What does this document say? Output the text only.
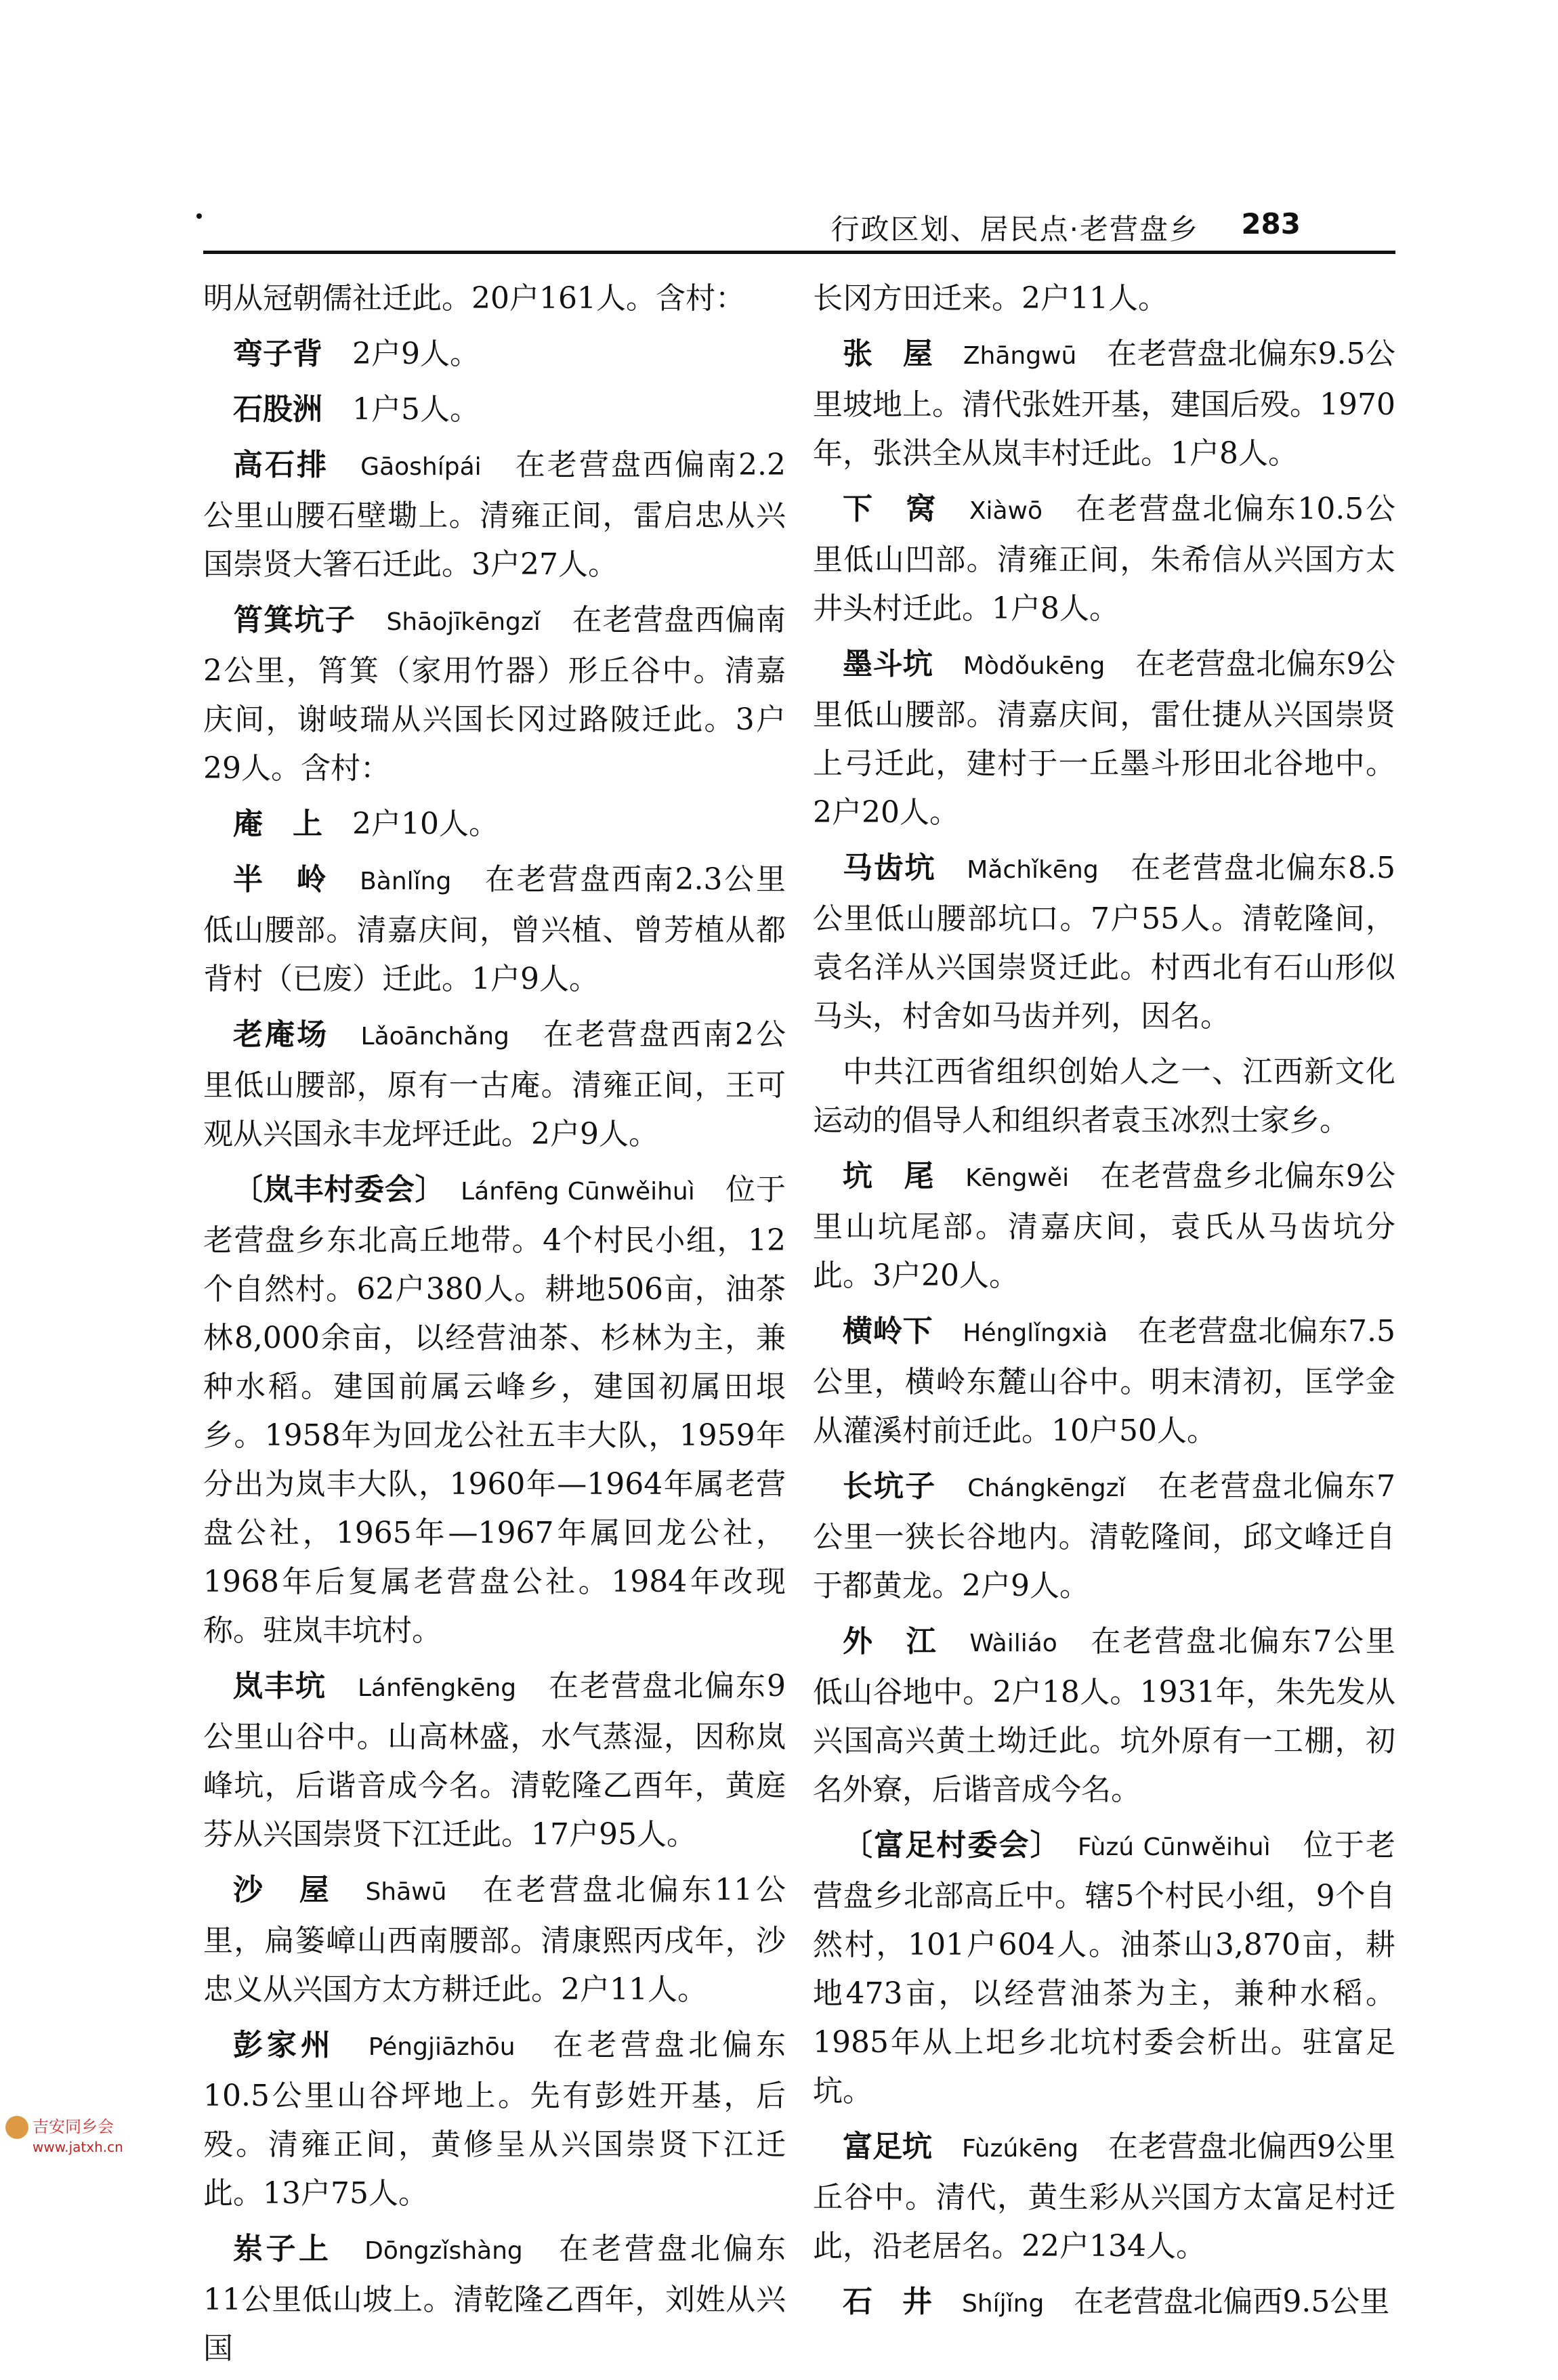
行政区划、居民点·老营盘乡 283

明从冠朝儒社迁此。20户161人。含村：

弯子背　 2户9人。

石股洲　 1户5人。

高石排　 Gāoshípái　 在老营盘西偏南2.2公里山腰石壁墈上。清雍正间，雷启忠从兴国崇贤大箸石迁此。3户27人。

筲箕坑子　 Shāojīkēngzǐ　 在老营盘西偏南2公里，筲箕（家用竹器）形丘谷中。清嘉庆间，谢岐瑞从兴国长冈过路陂迁此。3户29人。含村：

庵　上　 2户10人。

半　岭　 Bànlǐng　 在老营盘西南2.3公里低山腰部。清嘉庆间，曾兴植、曾芳植从都背村（已废）迁此。1户9人。

老庵场　 Lǎoānchǎng　 在老营盘西南2公里低山腰部，原有一古庵。清雍正间，王可观从兴国永丰龙坪迁此。2户9人。

〔岚丰村委会〕　 Lánfēng Cūnwěihuì　 位于老营盘乡东北高丘地带。4个村民小组，12个自然村。62户380人。耕地506亩，油茶林8,000余亩，以经营油茶、杉林为主，兼种水稻。建国前属云峰乡，建国初属田垠乡。1958年为回龙公社五丰大队，1959年分出为岚丰大队，1960年—1964年属老营盘公社，1965年—1967年属回龙公社，1968年后复属老营盘公社。1984年改现称。驻岚丰坑村。

岚丰坑　 Lánfēngkēng　 在老营盘北偏东9公里山谷中。山高林盛，水气蒸湿，因称岚峰坑，后谐音成今名。清乾隆乙酉年，黄庭芬从兴国崇贤下江迁此。17户95人。

沙　屋　 Shāwū　 在老营盘北偏东11公里，扁篓嶂山西南腰部。清康熙丙戌年，沙忠义从兴国方太方耕迁此。2户11人。

彭家州　 Péngjiāzhōu　 在老营盘北偏东10.5公里山谷坪地上。先有彭姓开基，后殁。清雍正间，黄修呈从兴国崇贤下江迁此。13户75人。

岽子上　 Dōngzǐshàng　 在老营盘北偏东11公里低山坡上。清乾隆乙酉年，刘姓从兴国

长冈方田迁来。2户11人。

张　屋　 Zhāngwū　 在老营盘北偏东9.5公里坡地上。清代张姓开基，建国后殁。1970年，张洪全从岚丰村迁此。1户8人。

下　窝　 Xiàwō　 在老营盘北偏东10.5公里低山凹部。清雍正间，朱希信从兴国方太井头村迁此。1户8人。

墨斗坑　 Mòdǒukēng　 在老营盘北偏东9公里低山腰部。清嘉庆间，雷仕捷从兴国崇贤上弓迁此，建村于一丘墨斗形田北谷地中。2户20人。

马齿坑　 Mǎchǐkēng　 在老营盘北偏东8.5公里低山腰部坑口。7户55人。清乾隆间，袁名洋从兴国崇贤迁此。村西北有石山形似马头，村舍如马齿并列，因名。

中共江西省组织创始人之一、江西新文化运动的倡导人和组织者袁玉冰烈士家乡。

坑　尾　 Kēngwěi　 在老营盘乡北偏东9公里山坑尾部。清嘉庆间，袁氏从马齿坑分此。3户20人。

横岭下　 Hénglǐngxià　 在老营盘北偏东7.5公里，横岭东麓山谷中。明末清初，匡学金从灌溪村前迁此。10户50人。

长坑子　 Chángkēngzǐ　 在老营盘北偏东7公里一狭长谷地内。清乾隆间，邱文峰迁自于都黄龙。2户9人。

外　江　 Wàiliáo　 在老营盘北偏东7公里低山谷地中。2户18人。1931年，朱先发从兴国高兴黄土坳迁此。坑外原有一工棚，初名外寮，后谐音成今名。

〔富足村委会〕　 Fùzú Cūnwěihuì　 位于老营盘乡北部高丘中。辖5个村民小组，9个自然村，101户604人。油茶山3,870亩，耕地473亩，以经营油茶为主，兼种水稻。1985年从上圯乡北坑村委会析出。驻富足坑。

富足坑　 Fùzúkēng　 在老营盘北偏西9公里丘谷中。清代，黄生彩从兴国方太富足村迁此，沿老居名。22户134人。

石　井　 Shíjǐng　 在老营盘北偏西9.5公里

吉安同乡会
www.jatxh.cn
